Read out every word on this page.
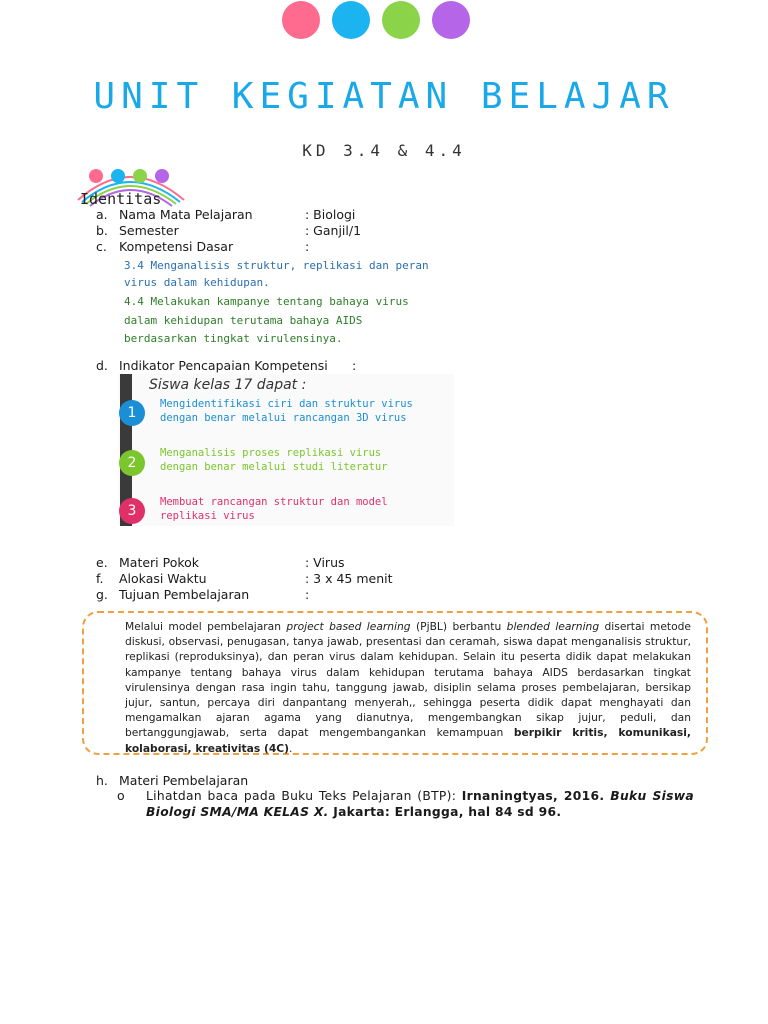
UNIT KEGIATAN BELAJAR
KD 3.4 & 4.4
Identitas
a. Nama Mata Pelajaran	: Biologi
b. Semester	: Ganjil/1
c. Kompetensi Dasar	:
3.4 Menganalisis struktur, replikasi dan peran
virus dalam kehidupan.
4.4 Melakukan kampanye tentang bahaya virus
dalam kehidupan terutama bahaya AIDS
berdasarkan tingkat virulensinya.
d. Indikator Pencapaian Kompetensi :
Siswa kelas 17 dapat :
1
Mengidentifikasi ciri dan struktur virus
dengan benar melalui rancangan 3D virus
2
Menganalisis proses replikasi virus
dengan benar melalui studi literatur
3
Membuat rancangan struktur dan model
replikasi virus
e. Materi Pokok	: Virus
f. Alokasi Waktu	: 3 x 45 menit
g. Tujuan Pembelajaran	:
Melalui model pembelajaran project based learning (PjBL) berbantu blended learning disertai metode diskusi, observasi, penugasan, tanya jawab, presentasi dan ceramah, siswa dapat menganalisis struktur, replikasi (reproduksinya), dan peran virus dalam kehidupan. Selain itu peserta didik dapat melakukan kampanye tentang bahaya virus dalam kehidupan terutama bahaya AIDS berdasarkan tingkat virulensinya dengan rasa ingin tahu, tanggung jawab, disiplin selama proses pembelajaran, bersikap jujur, santun, percaya diri danpantang menyerah,, sehingga peserta didik dapat menghayati dan mengamalkan ajaran agama yang dianutnya, mengembangkan sikap jujur, peduli, dan bertanggungjawab, serta dapat mengembangankan kemampuan berpikir kritis, komunikasi, kolaborasi, kreativitas (4C).
h. Materi Pembelajaran
o Lihatdan baca pada Buku Teks Pelajaran (BTP): Irnaningtyas, 2016. Buku Siswa Biologi SMA/MA KELAS X. Jakarta: Erlangga, hal 84 sd 96.
